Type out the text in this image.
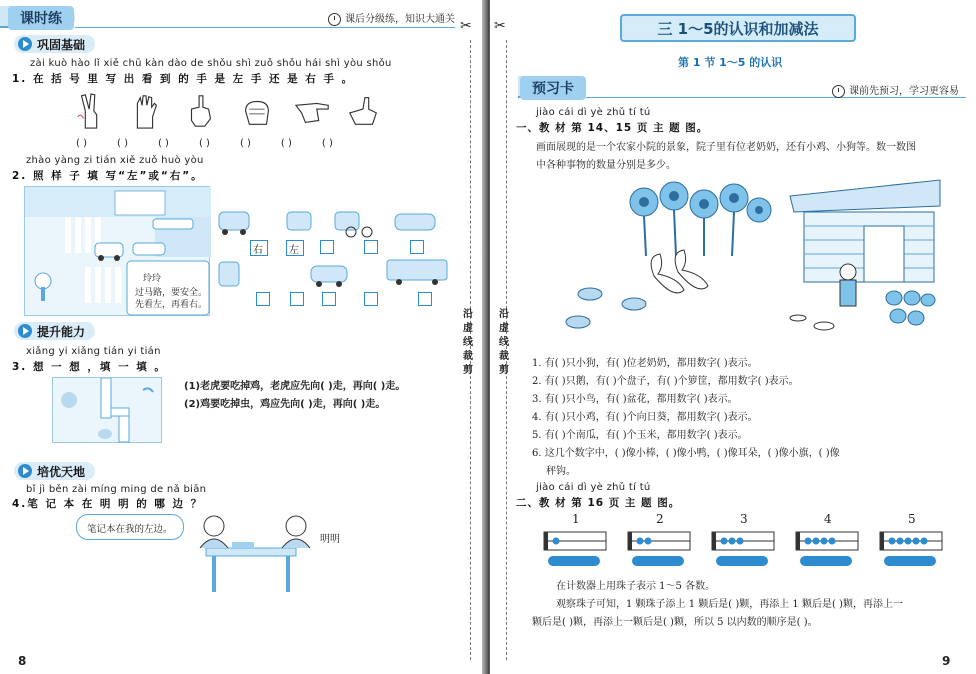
课时练	课后分级练，知识大通关 ✂
巩固基础
zài kuò hào lǐ xiě chū kàn dào de shǒu shì zuǒ shǒu hái shì yòu shǒu
1. 在 括 号 里 写 出 看 到 的 手 是 左 手 还 是 右 手 。
( )	( )	( )	( )	( )	( )	( )
zhào yàng zi tián xiě zuǒ huò yòu
2. 照 样 子 填 写“左”或“右”。
玲玲
过马路，要安全。
先看左，再看右。
右	左
提升能力
xiǎng yi xiǎng tián yi tián
3. 想 一 想 ，填 一 填 。
(1)老虎要吃掉鸡，老虎应先向( )走，再向( )走。
(2)鸡要吃掉虫，鸡应先向( )走，再向( )走。
培优天地
bǐ jì běn zài míng ming de nǎ biān
4.笔 记 本 在 明 明 的 哪 边 ？
笔记本在我的左边。
明明
沿虚线裁剪
8
✂
沿虚线裁剪
三 1～5的认识和加减法
第 1 节 1～5 的认识
预习卡	课前先预习，学习更容易
jiào cái dì yè zhǔ tí tú
一、教 材 第 14、15 页 主 题 图。
画面展现的是一个农家小院的景象，院子里有位老奶奶，还有小鸡、小狗等。数一数图
中各种事物的数量分别是多少。
1. 有( )只小狗，有( )位老奶奶，都用数字( )表示。
2. 有( )只鹅，有( )个盘子，有( )个箩筐，都用数字( )表示。
3. 有( )只小鸟，有( )盆花，都用数字( )表示。
4. 有( )只小鸡，有( )个向日葵，都用数字( )表示。
5. 有( )个南瓜，有( )个玉米，都用数字( )表示。
6. 这几个数字中，( )像小棒，( )像小鸭，( )像耳朵，( )像小旗，( )像
秤钩。
jiào cái dì yè zhǔ tí tú
二、教 材 第 16 页 主 题 图。
1	2	3	4	5
在计数器上用珠子表示 1～5 各数。
观察珠子可知，1 颗珠子添上 1 颗后是( )颗，再添上 1 颗后是( )颗，再添上一
颗后是( )颗，再添上一颗后是( )颗，所以 5 以内数的顺序是( )。
9
